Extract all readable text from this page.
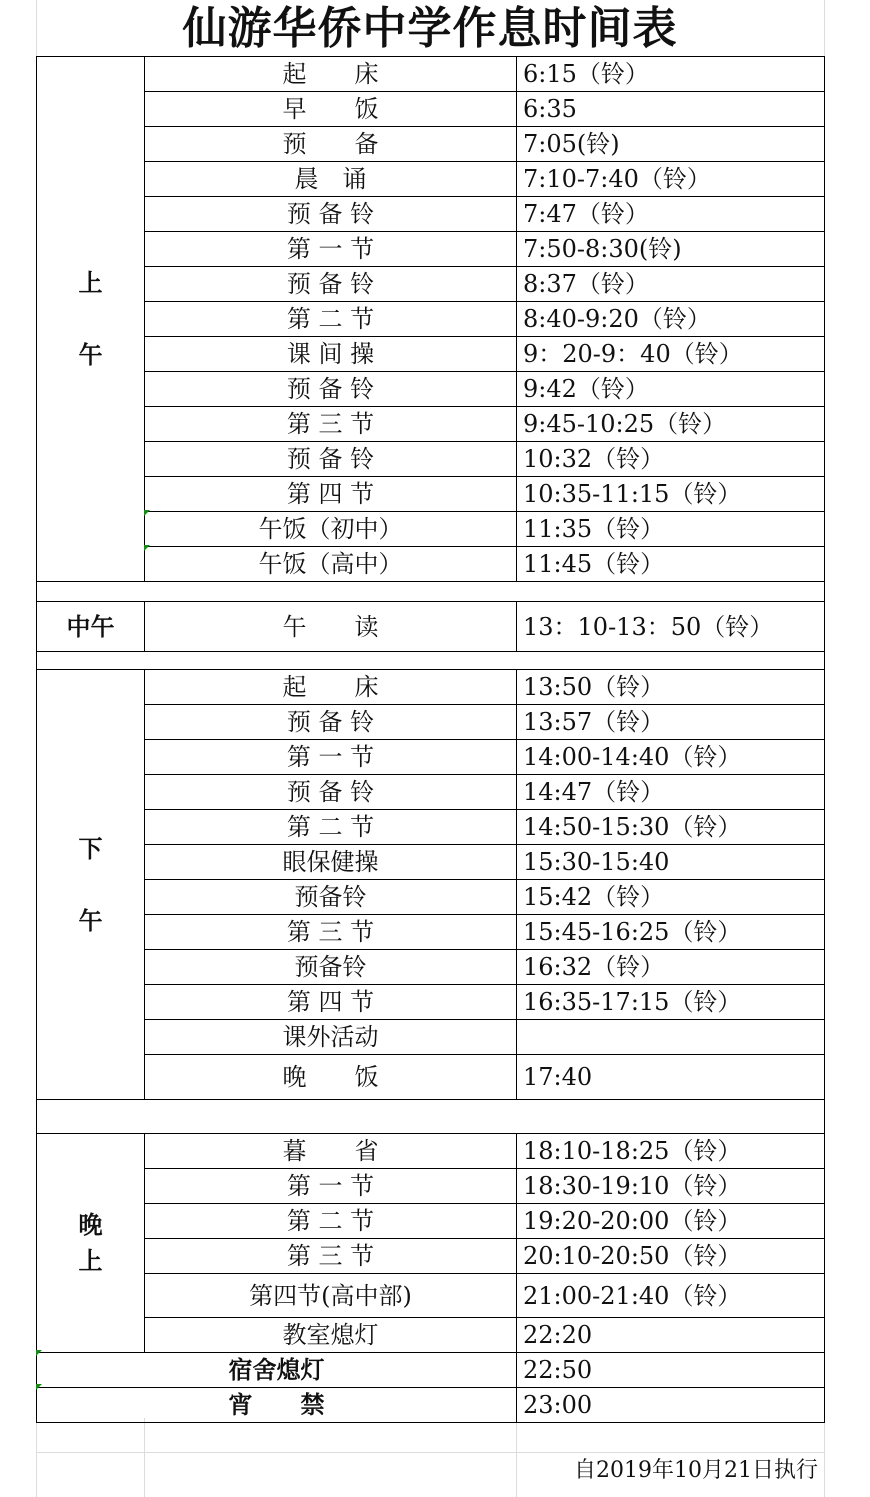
仙游华侨中学作息时间表
上

午	起　　床	6:15（铃）
	早　　饭	6:35
	预　　备	7:05(铃)
	晨　诵	7:10-7:40（铃）
	预 备 铃	7:47（铃）
	第 一 节	7:50-8:30(铃)
	预 备 铃	8:37（铃）
	第 二 节	8:40-9:20（铃）
	课 间 操	9：20-9：40（铃）
	预 备 铃	9:42（铃）
	第 三 节	9:45-10:25（铃）
	预 备 铃	10:32（铃）
	第 四 节	10:35-11:15（铃）
	午饭（初中）	11:35（铃）
	午饭（高中）	11:45（铃）

中午	午　　读	13：10-13：50（铃）

下

午	起　　床	13:50（铃）
	预 备 铃	13:57（铃）
	第 一 节	14:00-14:40（铃）
	预 备 铃	14:47（铃）
	第 二 节	14:50-15:30（铃）
	眼保健操	15:30-15:40
	预备铃	15:42（铃）
	第 三 节	15:45-16:25（铃）
	预备铃	16:32（铃）
	第 四 节	16:35-17:15（铃）
	课外活动	
	晚　　饭	17:40

晚
上	暮　　省	18:10-18:25（铃）
	第 一 节	18:30-19:10（铃）
	第 二 节	19:20-20:00（铃）
	第 三 节	20:10-20:50（铃）
	第四节(高中部)	21:00-21:40（铃）
	教室熄灯	22:20
宿舍熄灯		22:50
宵　　禁		23:00
自2019年10月21日执行
